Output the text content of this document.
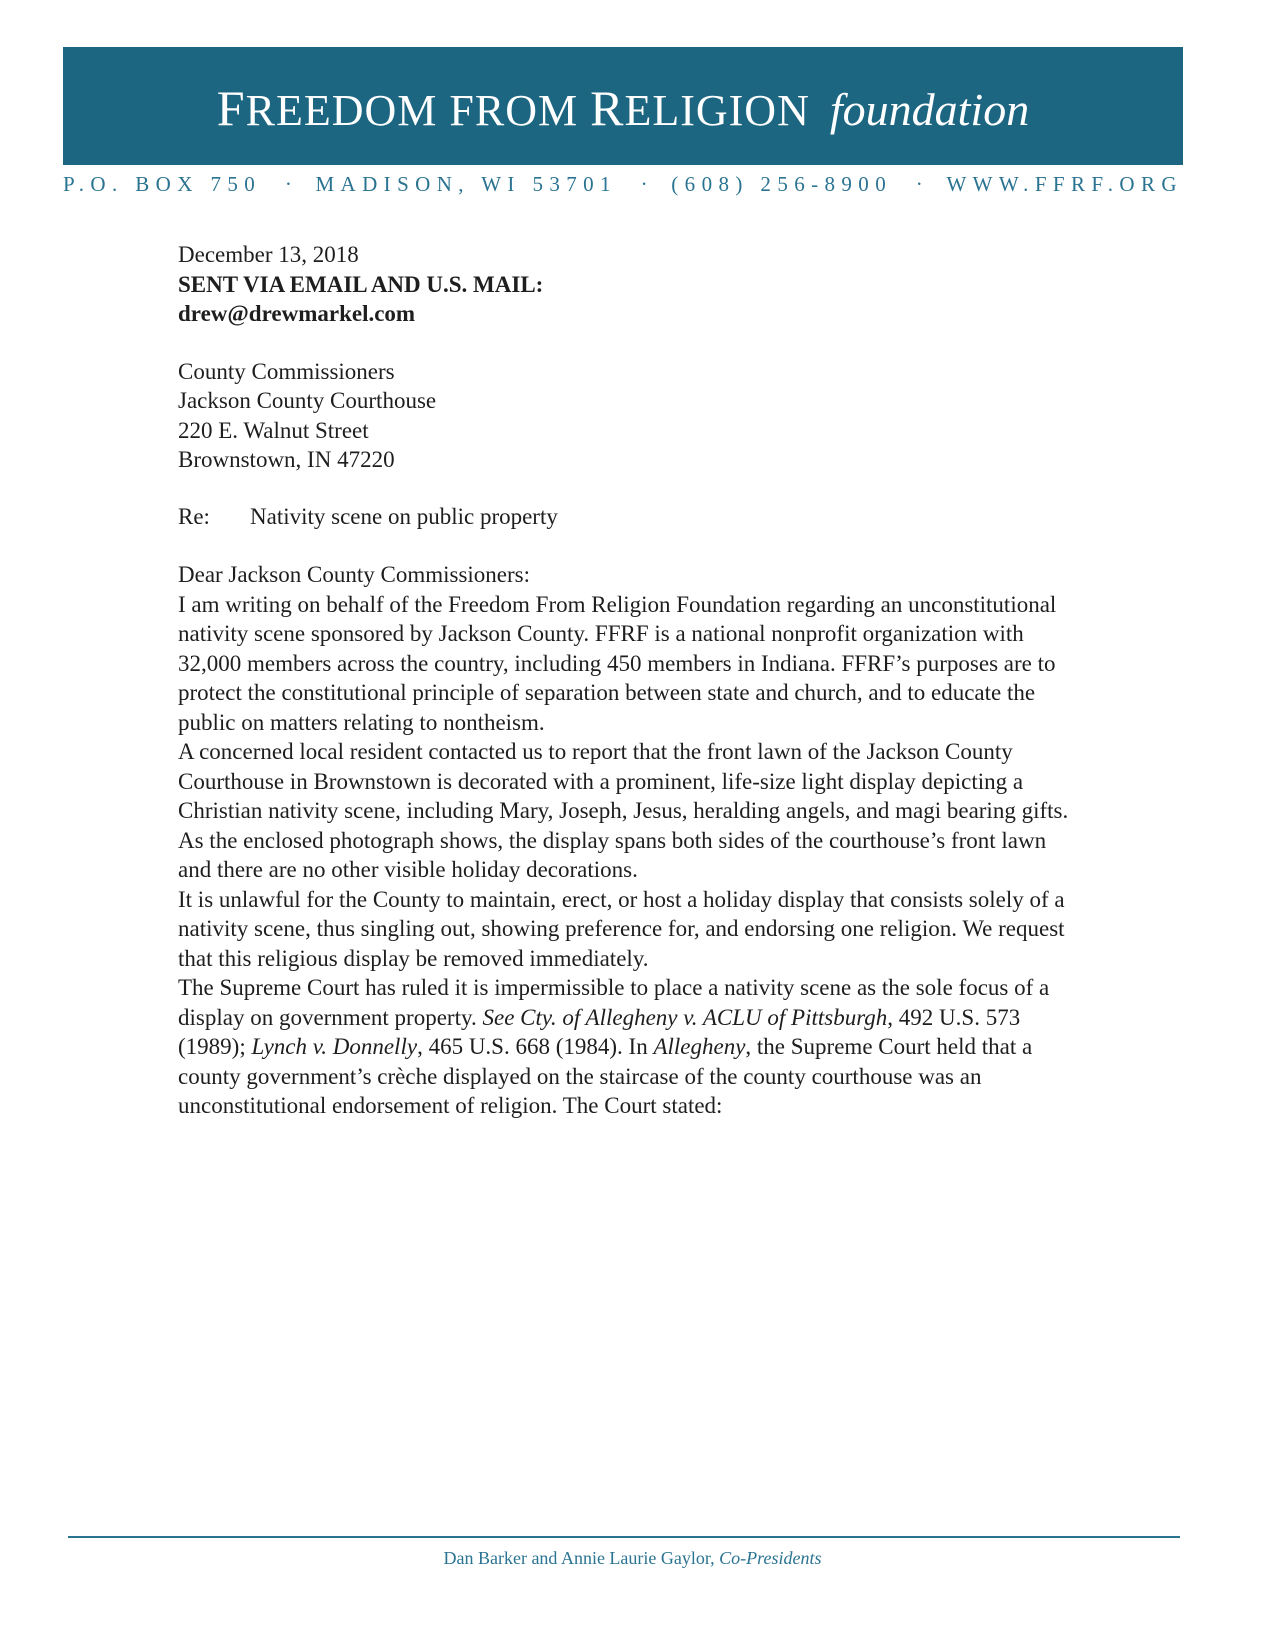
FREEDOM FROM RELIGION foundation
P.O. BOX 750 · MADISON, WI 53701 · (608) 256-8900 · WWW.FFRF.ORG

December 13, 2018

SENT VIA EMAIL AND U.S. MAIL:

drew@drewmarkel.com

County Commissioners

Jackson County Courthouse

220 E. Walnut Street

Brownstown, IN 47220

Re:	Nativity scene on public property

Dear Jackson County Commissioners:

I am writing on behalf of the Freedom From Religion Foundation regarding an unconstitutional nativity scene sponsored by Jackson County. FFRF is a national nonprofit organization with 32,000 members across the country, including 450 members in Indiana. FFRF’s purposes are to protect the constitutional principle of separation between state and church, and to educate the public on matters relating to nontheism.

A concerned local resident contacted us to report that the front lawn of the Jackson County Courthouse in Brownstown is decorated with a prominent, life-size light display depicting a Christian nativity scene, including Mary, Joseph, Jesus, heralding angels, and magi bearing gifts. As the enclosed photograph shows, the display spans both sides of the courthouse’s front lawn and there are no other visible holiday decorations.

It is unlawful for the County to maintain, erect, or host a holiday display that consists solely of a nativity scene, thus singling out, showing preference for, and endorsing one religion. We request that this religious display be removed immediately.

The Supreme Court has ruled it is impermissible to place a nativity scene as the sole focus of a display on government property. See Cty. of Allegheny v. ACLU of Pittsburgh, 492 U.S. 573 (1989); Lynch v. Donnelly, 465 U.S. 668 (1984). In Allegheny, the Supreme Court held that a county government’s crèche displayed on the staircase of the county courthouse was an unconstitutional endorsement of religion. The Court stated:

Dan Barker and Annie Laurie Gaylor, Co-Presidents
